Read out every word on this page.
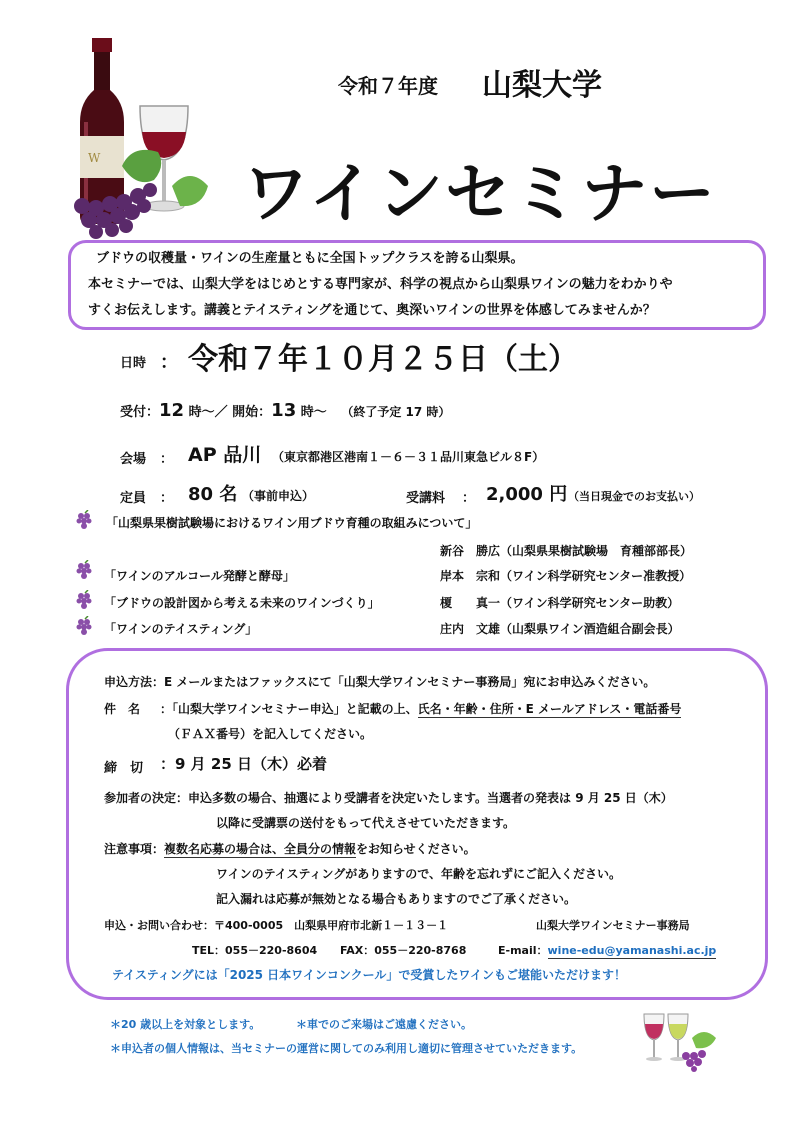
W
令和７年度 山梨大学
ワインセミナー
ブドウの収穫量・ワインの生産量ともに全国トップクラスを誇る山梨県。
本セミナーでは、山梨大学をはじめとする専門家が、科学の視点から山梨県ワインの魅力をわかりや
すくお伝えします。講義とテイスティングを通じて、奥深いワインの世界を体感してみませんか？
日時 ： 令和７年１０月２５日（土）
受付：12 時～／ 開始：13 時～ （終了予定 17 時）
会場 ： AP 品川 （東京都港区港南１－６－３１品川東急ビル８F）
定員 ： 80 名 （事前申込）	受講料 ： 2,000 円 （当日現金でのお支払い）
「山梨県果樹試験場におけるワイン用ブドウ育種の取組みについて」
新谷　勝広（山梨県果樹試験場　育種部部長）
「ワインのアルコール発酵と酵母」	岸本　宗和（ワイン科学研究センター准教授）
「ブドウの設計図から考える未来のワインづくり」	榎　　真一（ワイン科学研究センター助教）
「ワインのテイスティング」	庄内　文雄（山梨県ワイン酒造組合副会長）
申込方法：E メールまたはファックスにて「山梨大学ワインセミナー事務局」宛にお申込みください。
件　名 ：「山梨大学ワインセミナー申込」と記載の上、氏名・年齢・住所・E メールアドレス・電話番号
（ＦＡＸ番号）を記入してください。
締　切 ：9 月 25 日（木）必着
参加者の決定：申込多数の場合、抽選により受講者を決定いたします。当選者の発表は 9 月 25 日（木）
以降に受講票の送付をもって代えさせていただきます。
注意事項：複数名応募の場合は、全員分の情報をお知らせください。
ワインのテイスティングがありますので、年齢を忘れずにご記入ください。
記入漏れは応募が無効となる場合もありますのでご了承ください。
申込・お問い合わせ：〒400-0005　山梨県甲府市北新１－１３－１	山梨大学ワインセミナー事務局
TEL：055－220-8604 FAX：055－220-8768	E-mail：wine-edu@yamanashi.ac.jp
テイスティングには「2025 日本ワインコンクール」で受賞したワインもご堪能いただけます！
＊20 歳以上を対象とします。	＊車でのご来場はご遠慮ください。
＊申込者の個人情報は、当セミナーの運営に関してのみ利用し適切に管理させていただきます。
